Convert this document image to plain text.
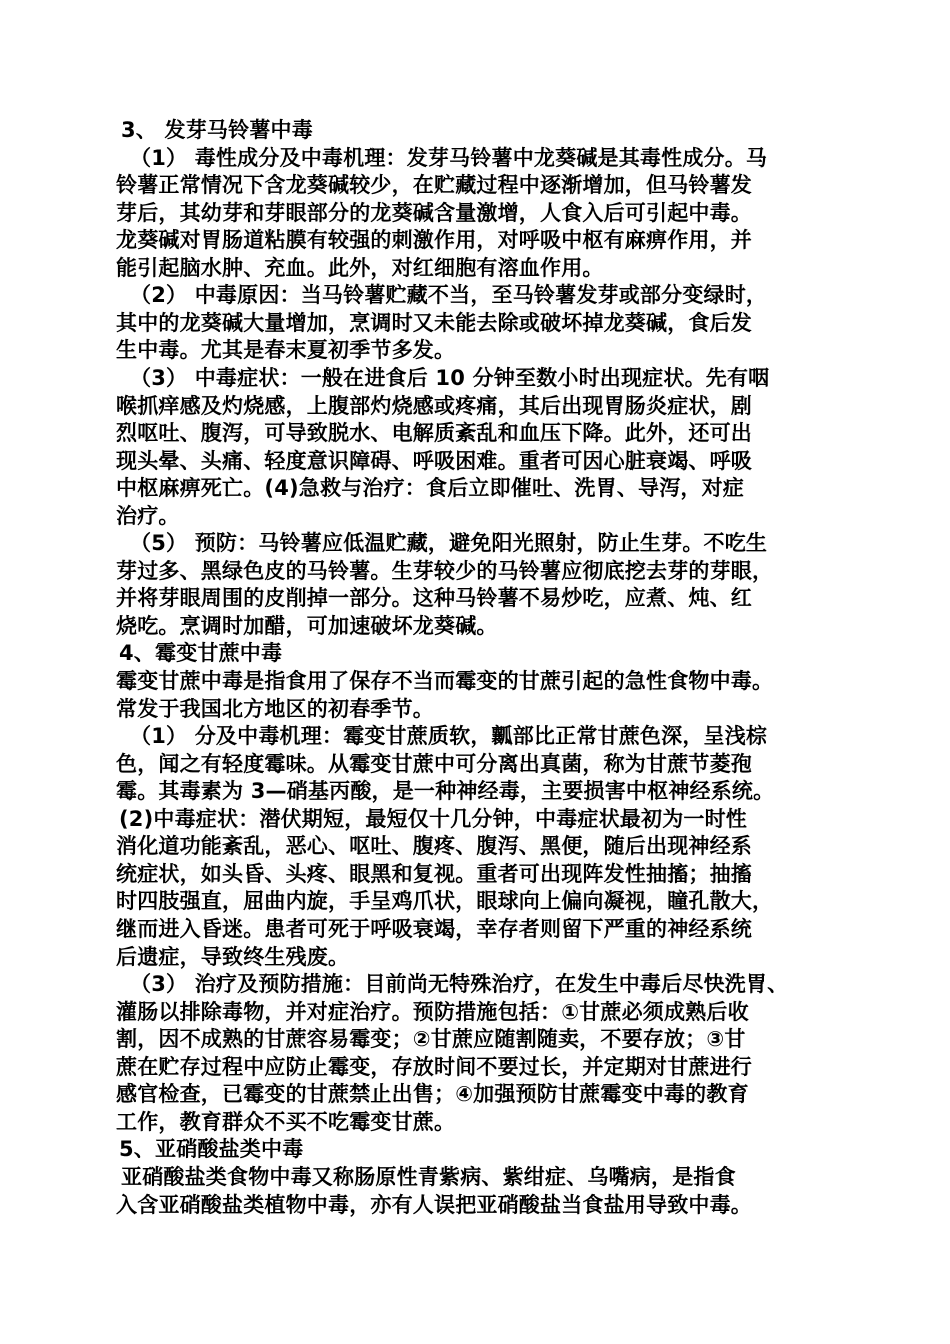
3、 发芽马铃薯中毒
（1） 毒性成分及中毒机理：发芽马铃薯中龙葵碱是其毒性成分。马
铃薯正常情况下含龙葵碱较少，在贮藏过程中逐渐增加，但马铃薯发
芽后，其幼芽和芽眼部分的龙葵碱含量激增，人食入后可引起中毒。
龙葵碱对胃肠道粘膜有较强的刺激作用，对呼吸中枢有麻痹作用，并
能引起脑水肿、充血。此外，对红细胞有溶血作用。
（2） 中毒原因：当马铃薯贮藏不当，至马铃薯发芽或部分变绿时，
其中的龙葵碱大量增加，烹调时又未能去除或破坏掉龙葵碱，食后发
生中毒。尤其是春末夏初季节多发。
（3） 中毒症状：一般在进食后 10 分钟至数小时出现症状。先有咽
喉抓痒感及灼烧感，上腹部灼烧感或疼痛，其后出现胃肠炎症状，剧
烈呕吐、腹泻，可导致脱水、电解质紊乱和血压下降。此外，还可出
现头晕、头痛、轻度意识障碍、呼吸困难。重者可因心脏衰竭、呼吸
中枢麻痹死亡。(4)急救与治疗：食后立即催吐、洗胃、导泻，对症
治疗。
（5） 预防：马铃薯应低温贮藏，避免阳光照射，防止生芽。不吃生
芽过多、黑绿色皮的马铃薯。生芽较少的马铃薯应彻底挖去芽的芽眼，
并将芽眼周围的皮削掉一部分。这种马铃薯不易炒吃，应煮、炖、红
烧吃。烹调时加醋，可加速破坏龙葵碱。
4、霉变甘蔗中毒
霉变甘蔗中毒是指食用了保存不当而霉变的甘蔗引起的急性食物中毒。
常发于我国北方地区的初春季节。
（1） 分及中毒机理：霉变甘蔗质软，瓤部比正常甘蔗色深，呈浅棕
色，闻之有轻度霉味。从霉变甘蔗中可分离出真菌，称为甘蔗节菱孢
霉。其毒素为 3—硝基丙酸，是一种神经毒，主要损害中枢神经系统。
(2)中毒症状：潜伏期短，最短仅十几分钟，中毒症状最初为一时性
消化道功能紊乱，恶心、呕吐、腹疼、腹泻、黑便，随后出现神经系
统症状，如头昏、头疼、眼黑和复视。重者可出现阵发性抽搐；抽搐
时四肢强直，屈曲内旋，手呈鸡爪状，眼球向上偏向凝视，瞳孔散大，
继而进入昏迷。患者可死于呼吸衰竭，幸存者则留下严重的神经系统
后遗症，导致终生残废。
（3） 治疗及预防措施：目前尚无特殊治疗，在发生中毒后尽快洗胃、
灌肠以排除毒物，并对症治疗。预防措施包括：①甘蔗必须成熟后收
割，因不成熟的甘蔗容易霉变；②甘蔗应随割随卖，不要存放；③甘
蔗在贮存过程中应防止霉变，存放时间不要过长，并定期对甘蔗进行
感官检查，已霉变的甘蔗禁止出售；④加强预防甘蔗霉变中毒的教育
工作，教育群众不买不吃霉变甘蔗。
5、亚硝酸盐类中毒
亚硝酸盐类食物中毒又称肠原性青紫病、紫绀症、乌嘴病，是指食
入含亚硝酸盐类植物中毒，亦有人误把亚硝酸盐当食盐用导致中毒。
